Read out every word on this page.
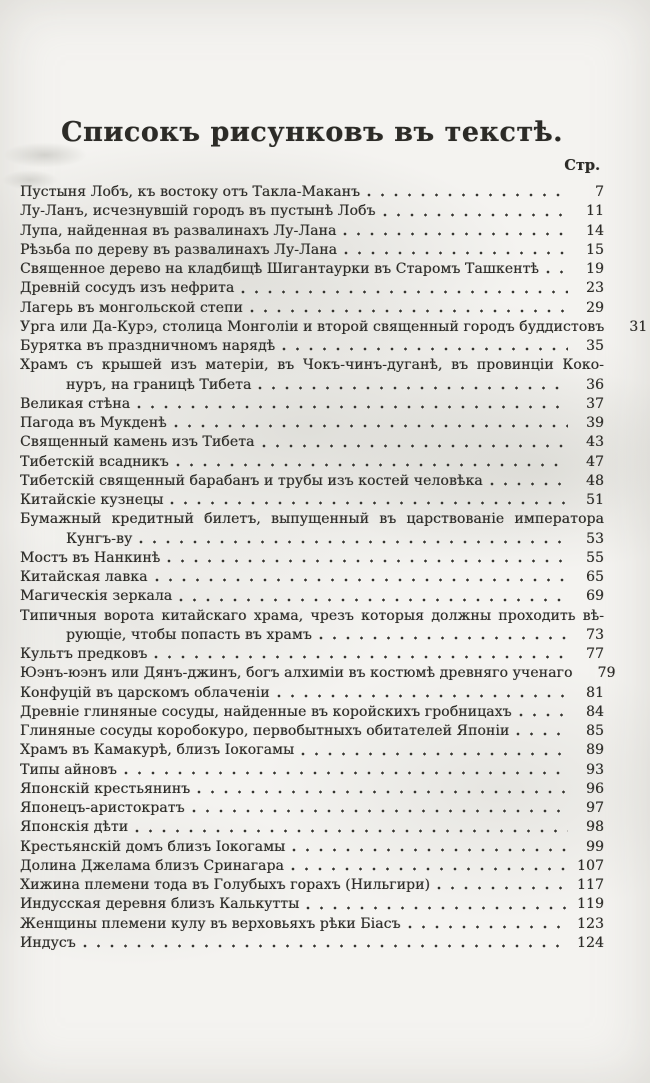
Списокъ рисунковъ въ текстѣ.
Стр.
Пустыня Лобъ, къ востоку отъ Такла-Маканъ	7
Лу-Ланъ, исчезнувшій городъ въ пустынѣ Лобъ	11
Лупа, найденная въ развалинахъ Лу-Лана	14
Рѣзьба по дереву въ развалинахъ Лу-Лана	15
Священное дерево на кладбищѣ Шигантаурки въ Старомъ Ташкентѣ	19
Древній сосудъ изъ нефрита	23
Лагерь въ монгольской степи	29
Урга или Да-Курэ, столица Монголіи и второй священный городъ буддистовъ	31
Бурятка въ праздничномъ нарядѣ	35
Храмъ съ крышей изъ матеріи, въ Чокъ-чинъ-дуганѣ, въ провинціи Коко-
нуръ, на границѣ Тибета	36
Великая стѣна	37
Пагода въ Мукденѣ	39
Священный камень изъ Тибета	43
Тибетскій всадникъ	47
Тибетскій священный барабанъ и трубы изъ костей человѣка	48
Китайскіе кузнецы	51
Бумажный кредитный билетъ, выпущенный въ царствованіе императора
Кунгъ-ву	53
Мостъ въ Нанкинѣ	55
Китайская лавка	65
Магическія зеркала	69
Типичныя ворота китайскаго храма, чрезъ которыя должны проходить вѣ-
рующіе, чтобы попасть въ храмъ	73
Культъ предковъ	77
Юэнъ-юэнъ или Дянъ-джинъ, богъ алхиміи въ костюмѣ древняго ученаго	79
Конфуцій въ царскомъ облаченіи	81
Древніе глиняные сосуды, найденные въ коройскихъ гробницахъ	84
Глиняные сосуды коробокуро, первобытныхъ обитателей Японіи	85
Храмъ въ Камакурѣ, близъ Іокогамы	89
Типы айновъ	93
Японскій крестьянинъ	96
Японецъ-аристократъ	97
Японскія дѣти	98
Крестьянскій домъ близъ Іокогамы	99
Долина Джелама близъ Сринагара	107
Хижина племени тода въ Голубыхъ горахъ (Нильгири)	117
Индусская деревня близъ Калькутты	119
Женщины племени кулу въ верховьяхъ рѣки Біасъ	123
Индусъ	124
